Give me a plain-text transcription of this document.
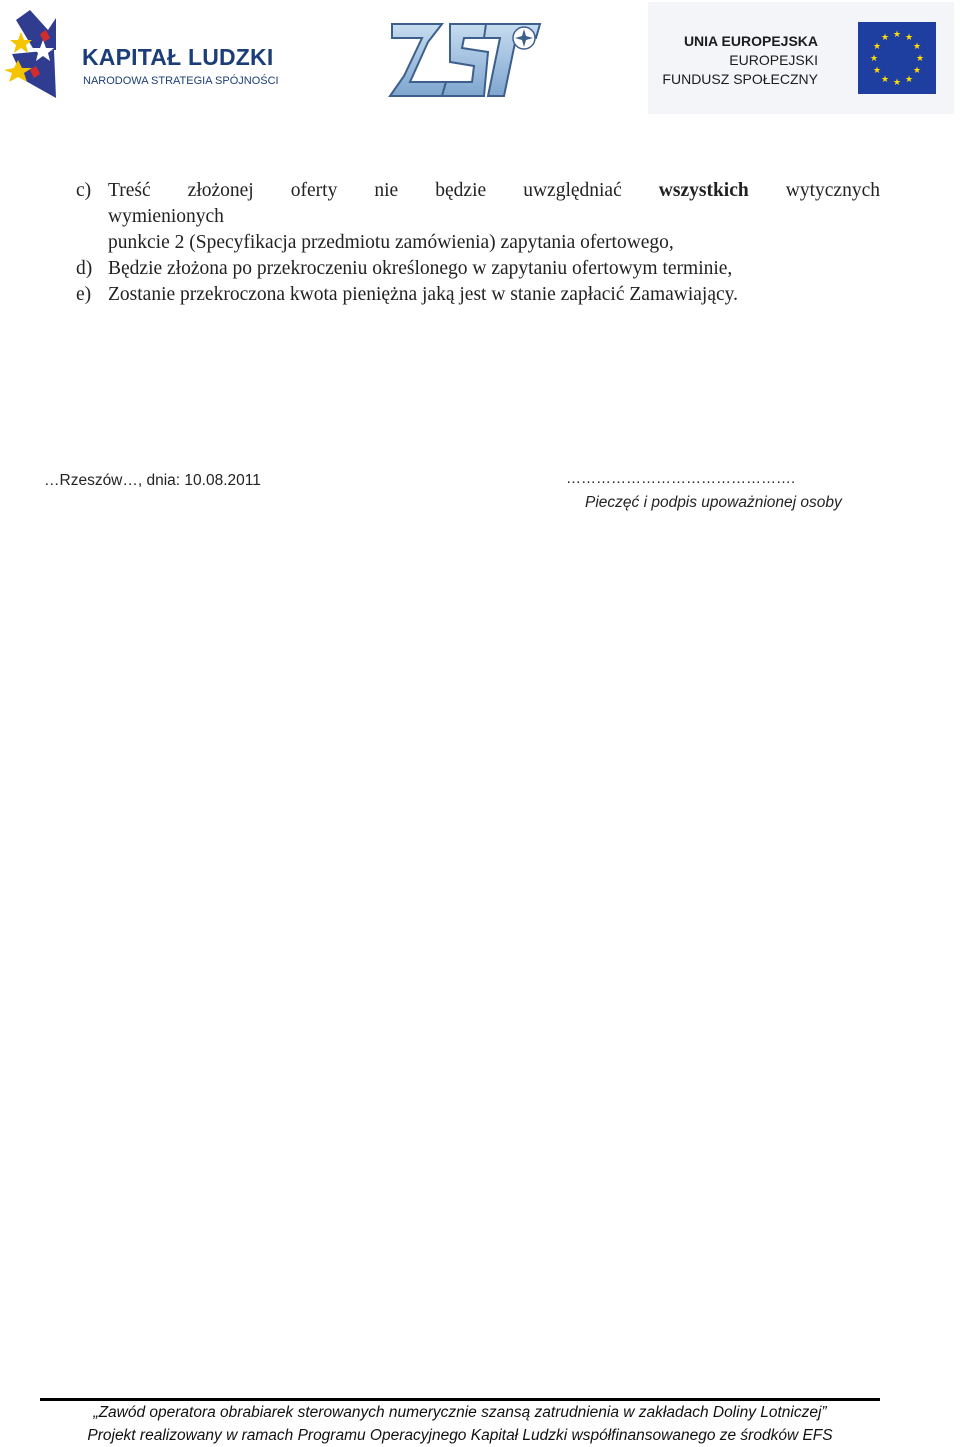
KAPITAŁ LUDZKI
NARODOWA STRATEGIA SPÓJNOŚCI
UNIA EUROPEJSKA
EUROPEJSKI
FUNDUSZ SPOŁECZNY
★ ★
★
★
★
★
★
★
★
★
★
★
c) Treść złożonej oferty nie będzie uwzględniać wszystkich wytycznych
wymienionych
punkcie 2 (Specyfikacja przedmiotu zamówienia) zapytania ofertowego,
d) Będzie złożona po przekroczeniu określonego w zapytaniu ofertowym terminie,
e) Zostanie przekroczona kwota pieniężna jaką jest w stanie zapłacić Zamawiający.
…Rzeszów…, dnia: 10.08.2011	……………………………………….
Pieczęć i podpis upoważnionej osoby
„Zawód operatora obrabiarek sterowanych numerycznie szansą zatrudnienia w zakładach Doliny Lotniczej”
Projekt realizowany w ramach Programu Operacyjnego Kapitał Ludzki współfinansowanego ze środków EFS
